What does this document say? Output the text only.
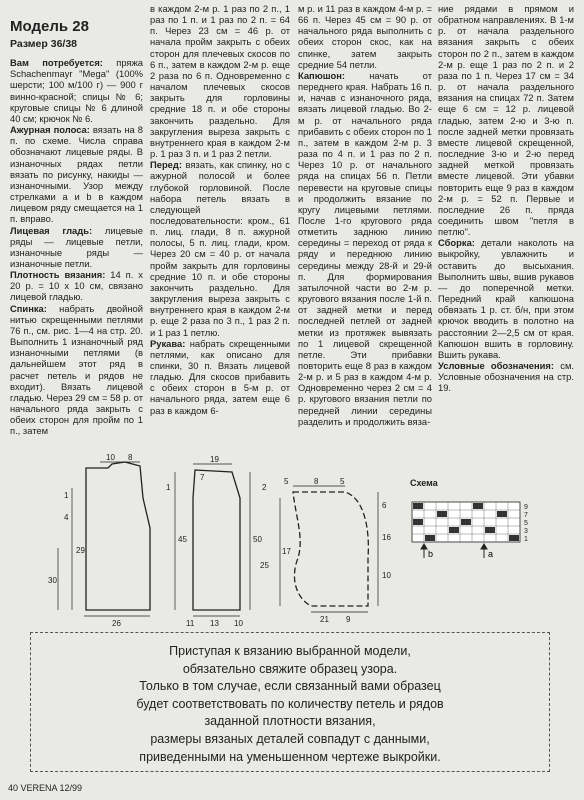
Модель 28
Размер 36/38

Вам потребуется: пряжа Schachenmayr "Mega" (100% шерсти; 100 м/100 г) — 900 г винно-красной; спицы № 6; круговые спицы № 6 длиной 40 см; крючок № 6.

Ажурная полоса: вязать на 8 п. по схеме. Числа справа обозначают лицевые ряды. В изнаночных рядах петли вязать по рисунку, накиды — изнаночными. Узор между стрелками a и b в каждом лицевом ряду смещается на 1 п. вправо.

Лицевая гладь: лицевые ряды — лицевые петли, изнаночные ряды — изнаночные петли.

Плотность вязания: 14 п. х 20 р. = 10 х 10 см, связано лицевой гладью.

Спинка: набрать двойной нитью скрещенными петлями 76 п., см. рис. 1—4 на стр. 20. Выполнить 1 изнаночный ряд изнаночными петлями (в дальнейшем этот ряд в расчет петель и рядов не входит). Вязать лицевой гладью. Через 29 см = 58 р. от начального ряда закрыть с обеих сторон для пройм по 1 п., затем

в каждом 2-м р. 1 раз по 2 п., 1 раз по 1 п. и 1 раз по 2 п. = 64 п. Через 23 см = 46 р. от начала пройм закрыть с обеих сторон для плечевых скосов по 6 п., затем в каждом 2-м р. еще 2 раза по 6 п. Одновременно с началом плечевых скосов закрыть для горловины средние 18 п. и обе стороны закончить раздельно. Для закругления выреза закрыть с внутреннего края в каждом 2-м р. 1 раз 3 п. и 1 раз 2 петли.

Перед: вязать, как спинку, но с ажурной полосой и более глубокой горловиной. После набора петель вязать в следующей последовательности: кром., 61 п. лиц. глади, 8 п. ажурной полосы, 5 п. лиц. глади, кром. Через 20 см = 40 р. от начала пройм закрыть для горловины средние 10 п. и обе стороны закончить раздельно. Для закругления выреза закрыть с внутреннего края в каждом 2-м р. еще 2 раза по 3 п., 1 раз 2 п. и 1 раз 1 петлю.

Рукава: набрать скрещенными петлями, как описано для спинки, 30 п. Вязать лицевой гладью. Для скосов прибавить с обеих сторон в 5-м р. от начального ряда, затем еще 6 раз в каждом 6-

м р. и 11 раз в каждом 4-м р. = 66 п. Через 45 см = 90 р. от начального ряда выполнить с обеих сторон скос, как на спинке, затем закрыть средние 54 петли.

Капюшон: начать от переднего края. Набрать 16 п. и, начав с изнаночного ряда, вязать лицевой гладью. Во 2-м р. от начального ряда прибавить с обеих сторон по 1 п., затем в каждом 2-м р. 3 раза по 4 п. и 1 раз по 2 п. Через 10 р. от начального ряда на спицах 56 п. Петли перевести на круговые спицы и продолжить вязание по кругу лицевыми петлями. После 1-го кругового ряда отметить заднюю линию середины = переход от ряда к ряду и переднюю линию середины между 28-й и 29-й п. Для формирования затылочной части во 2-м р. кругового вязания после 1-й п. от задней метки и перед последней петлей от задней метки из протяжек вывязать по 1 лицевой скрещенной петле. Эти прибавки повторить еще 8 раз в каждом 2-м р. и 5 раз в каждом 4-м р. Одновременно через 2 см = 4 р. кругового вязания петли по передней линии середины разделить и продолжить вяза-

ние рядами в прямом и обратном направлениях. В 1-м р. от начала раздельного вязания закрыть с обеих сторон по 2 п., затем в каждом 2-м р. еще 1 раз по 2 п. и 2 раза по 1 п. Через 17 см = 34 р. от начала раздельного вязания на спицах 72 п. Затем еще 6 см = 12 р. лицевой гладью, затем 2-ю и 3-ю п. после задней метки провязать вместе лицевой скрещенной, последние 3-ю и 2-ю перед задней меткой провязать вместе лицевой. Эти убавки повторить еще 9 раз в каждом 2-м р. = 52 п. Первые и последние 26 п. пряда соединить швом "петля в петлю".

Сборка: детали наколоть на выкройку, увлажнить и оставить до высыхания. Выполнить швы, вшив рукавов — до поперечной метки. Передний край капюшона обвязать 1 р. ст. б/н, при этом крючок вводить в полотно на расстоянии 2—2,5 см от края. Капюшон вшить в горловину. Вшить рукава.

Условные обозначения: см. Условные обозначения на стр. 19.

10 8
1
4
29
30
26
19
7
1
45
11 13 10
50
2
25
5	8	5
6
16
10
17
21 9
9
7
5
3
1
b	a
Схема
Приступая к вязанию выбранной модели,
обязательно свяжите образец узора.
Только в том случае, если связанный вами образец
будет соответствовать по количеству петель и рядов
заданной плотности вязания,
размеры вязаных деталей совпадут с данными,
приведенными на уменьшенном чертеже выкройки.
40 VERENA 12/99
